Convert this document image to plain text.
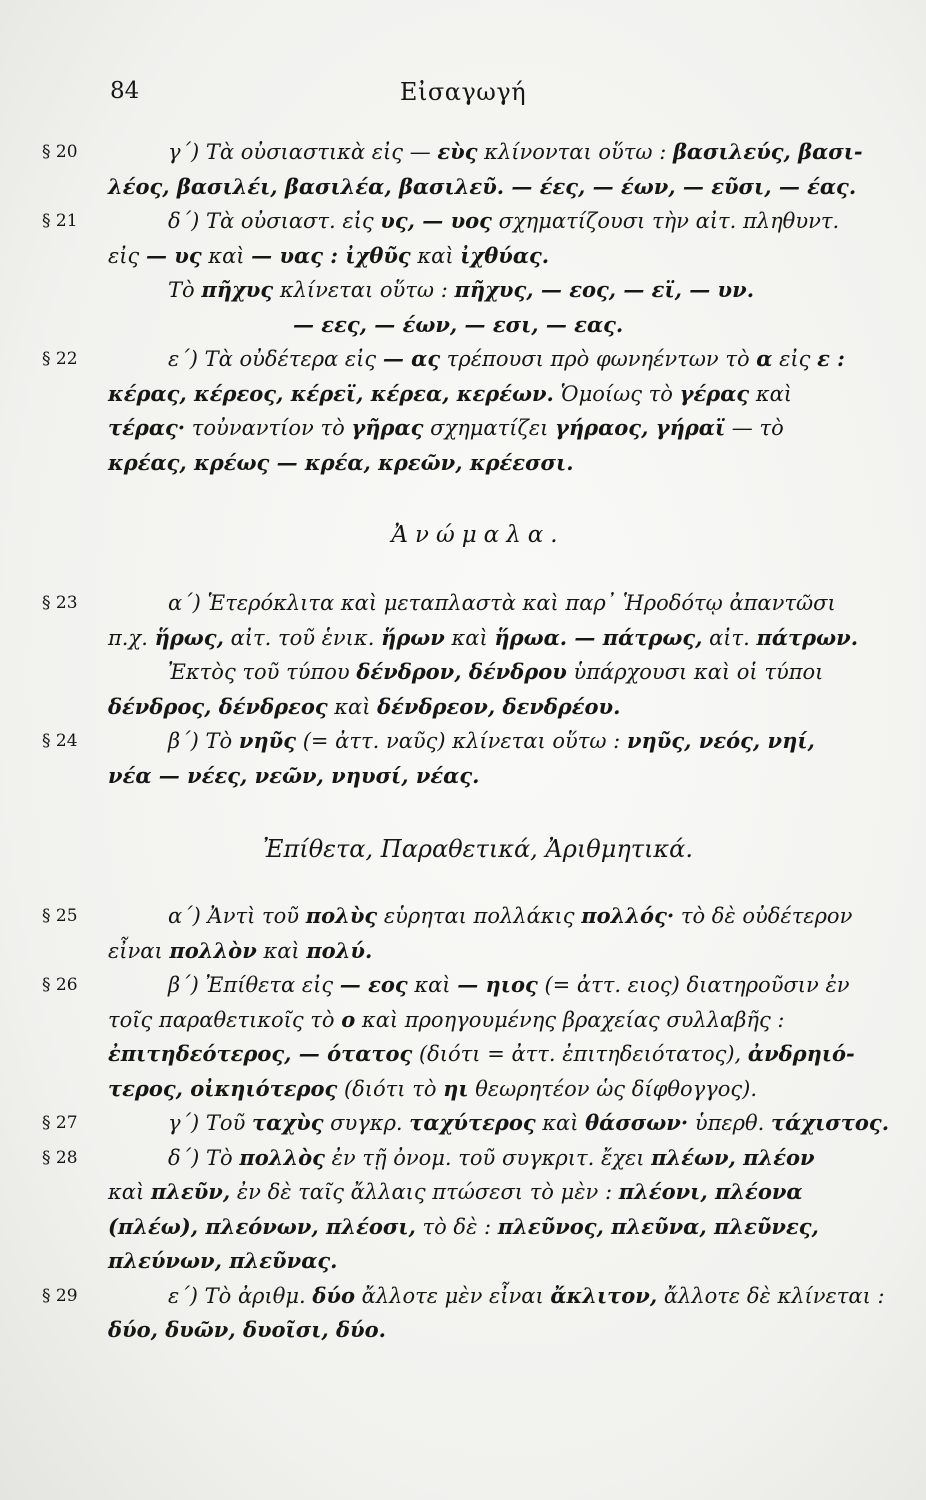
84	Εἰσαγωγή
§ 20	γ΄) Τὰ οὐσιαστικὰ εἰς — εὺς κλίνονται οὕτω : βασιλεύς, βασι-
λέος, βασιλέι, βασιλέα, βασιλεῦ. — έες, — έων, — εῦσι, — έας.
§ 21	δ΄) Τὰ οὐσιαστ. εἰς υς, — υος σχηματίζουσι τὴν αἰτ. πληθυντ.
εἰς — υς καὶ — υας : ἰχθῦς καὶ ἰχθύας.
Τὸ πῆχυς κλίνεται οὕτω : πῆχυς, — εος, — εϊ, — υν.
— εες, — έων, — εσι, — εας.
§ 22	ε΄) Τὰ οὐδέτερα εἰς — ας τρέπουσι πρὸ φωνηέντων τὸ α εἰς ε :
κέρας, κέρεος, κέρεϊ, κέρεα, κερέων. Ὁμοίως τὸ γέρας καὶ
τέρας· τοὐναντίον τὸ γῆρας σχηματίζει γήραος, γήραϊ — τὸ
κρέας, κρέως — κρέα, κρεῶν, κρέεσσι.
Ἀνώμαλα.
§ 23	α΄) Ἑτερόκλιτα καὶ μεταπλαστὰ καὶ παρ᾽ Ἡροδότῳ ἀπαντῶσι
π.χ. ἥρως, αἰτ. τοῦ ἑνικ. ἥρων καὶ ἥρωα. — πάτρως, αἰτ. πάτρων.
Ἐκτὸς τοῦ τύπου δένδρον, δένδρου ὑπάρχουσι καὶ οἱ τύποι
δένδρος, δένδρεος καὶ δένδρεον, δενδρέου.
§ 24	β΄) Τὸ νηῦς (= ἀττ. ναῦς) κλίνεται οὕτω : νηῦς, νεός, νηί,
νέα — νέες, νεῶν, νηυσί, νέας.
Ἐπίθετα, Παραθετικά, Ἀριθμητικά.
§ 25	α΄) Ἀντὶ τοῦ πολὺς εὑρηται πολλάκις πολλός· τὸ δὲ οὐδέτερον
εἶναι πολλὸν καὶ πολύ.
§ 26	β΄) Ἐπίθετα εἰς — εος καὶ — ηιος (= ἀττ. ειος) διατηροῦσιν ἐν
τοῖς παραθετικοῖς τὸ ο καὶ προηγουμένης βραχείας συλλαβῆς :
ἐπιτηδεότερος, — ότατος (διότι = ἀττ. ἐπιτηδειότατος), ἀνδρηιό-
τερος, οἰκηιότερος (διότι τὸ ηι θεωρητέον ὡς δίφθογγος).
§ 27	γ΄) Τοῦ ταχὺς συγκρ. ταχύτερος καὶ θάσσων· ὑπερθ. τάχιστος.
§ 28	δ΄) Τὸ πολλὸς ἐν τῇ ὀνομ. τοῦ συγκριτ. ἔχει πλέων, πλέον
καὶ πλεῦν, ἐν δὲ ταῖς ἄλλαις πτώσεσι τὸ μὲν : πλέονι, πλέονα
(πλέω), πλεόνων, πλέοσι, τὸ δὲ : πλεῦνος, πλεῦνα, πλεῦνες,
πλεύνων, πλεῦνας.
§ 29	ε΄) Τὸ ἀριθμ. δύο ἄλλοτε μὲν εἶναι ἄκλιτον, ἄλλοτε δὲ κλίνεται :
δύο, δυῶν, δυοῖσι, δύο.
